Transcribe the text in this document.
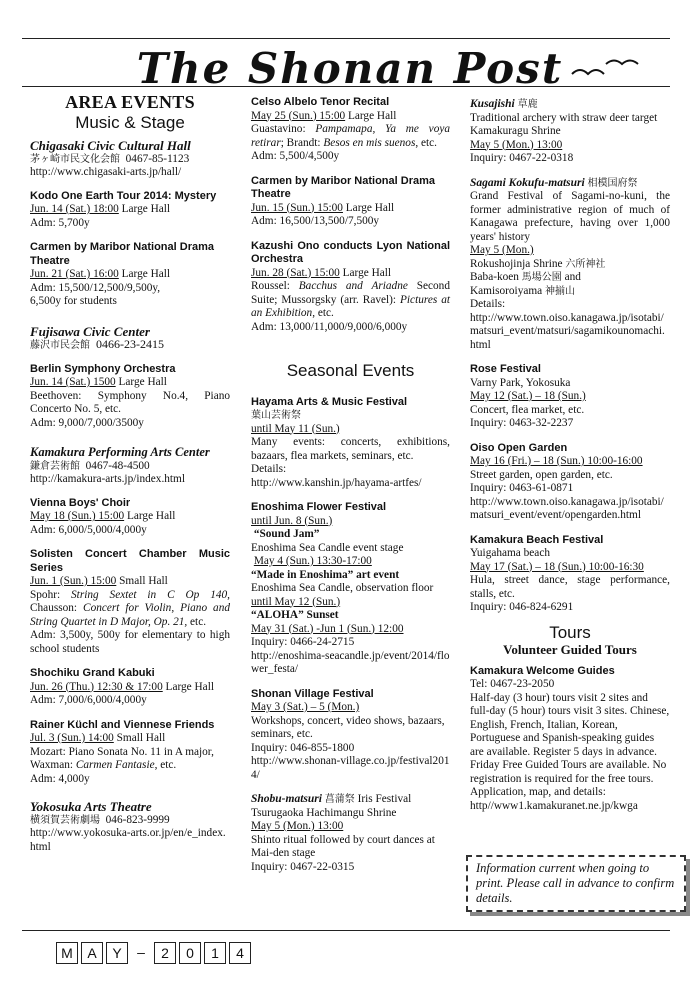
The Shonan Post
AREA EVENTS
Music & Stage
Chigasaki Civic Cultural Hall
茅ヶ崎市民文化会館 0467-85-1123
http://www.chigasaki-arts.jp/hall/
Kodo One Earth Tour 2014: Mystery
Jun. 14 (Sat.) 18:00 Large Hall
Adm: 5,700y
Carmen by Maribor National Drama Theatre
Jun. 21 (Sat.) 16:00 Large Hall
Adm: 15,500/12,500/9,500y,
6,500y for students
Fujisawa Civic Center
藤沢市民会館 0466-23-2415
Berlin Symphony Orchestra
Jun. 14 (Sat.) 1500 Large Hall
Beethoven: Symphony No.4, Piano Concerto No. 5, etc.
Adm: 9,000/7,000/3500y
Kamakura Performing Arts Center
鎌倉芸術館 0467-48-4500
http://kamakura-arts.jp/index.html
Vienna Boys' Choir
May 18 (Sun.) 15:00 Large Hall
Adm: 6,000/5,000/4,000y
Solisten Concert Chamber Music Series
Jun. 1 (Sun.) 15:00 Small Hall
Spohr: String Sextet in C Op 140, Chausson: Concert for Violin, Piano and String Quartet in D Major, Op. 21, etc.
Adm: 3,500y, 500y for elementary to high school students
Shochiku Grand Kabuki
Jun. 26 (Thu.) 12:30 & 17:00 Large Hall
Adm: 7,000/6,000/4,000y
Rainer Küchl and Viennese Friends
Jul. 3 (Sun.) 14:00 Small Hall
Mozart: Piano Sonata No. 11 in A major, Waxman: Carmen Fantasie, etc.
Adm: 4,000y
Yokosuka Arts Theatre
横須賀芸術劇場 046-823-9999
http://www.yokosuka-arts.or.jp/en/e_index.html
Celso Albelo Tenor Recital
May 25 (Sun.) 15:00 Large Hall
Guastavino: Pampamapa, Ya me voya retirar; Brandt: Besos en mis suenos, etc.
Adm: 5,500/4,500y
Carmen by Maribor National Drama Theatre
Jun. 15 (Sun.) 15:00 Large Hall
Adm: 16,500/13,500/7,500y
Kazushi Ono conducts Lyon National Orchestra
Jun. 28 (Sat.) 15:00 Large Hall
Roussel: Bacchus and Ariadne Second Suite; Mussorgsky (arr. Ravel): Pictures at an Exhibition, etc.
Adm: 13,000/11,000/9,000/6,000y
Seasonal Events
Hayama Arts & Music Festival
葉山芸術祭
until May 11 (Sun.)
Many events: concerts, exhibitions, bazaars, flea markets, seminars, etc.
Details:
http://www.kanshin.jp/hayama-artfes/
Enoshima Flower Festival
until Jun. 8 (Sun.)
“Sound Jam”
Enoshima Sea Candle event stage
May 4 (Sun.) 13:30-17:00
“Made in Enoshima” art event
Enoshima Sea Candle, observation floor
until May 12 (Sun.)
“ALOHA” Sunset
May 31 (Sat.) -Jun 1 (Sun.) 12:00
Inquiry: 0466-24-2715
http://enoshima-seacandle.jp/event/2014/flower_festa/
Shonan Village Festival
May 3 (Sat.) – 5 (Mon.)
Workshops, concert, video shows, bazaars, seminars, etc.
Inquiry: 046-855-1800
http://www.shonan-village.co.jp/festival2014/
Shobu-matsuri 菖蒲祭 Iris Festival
Tsurugaoka Hachimangu Shrine
May 5 (Mon.) 13:00
Shinto ritual followed by court dances at Mai-den stage
Inquiry: 0467-22-0315
Kusajishi 草鹿
Traditional archery with straw deer target
Kamakuragu Shrine
May 5 (Mon.) 13:00
Inquiry: 0467-22-0318
Sagami Kokufu-matsuri 相模国府祭
Grand Festival of Sagami-no-kuni, the former administrative region of much of Kanagawa prefecture, having over 1,000 years' history
May 5 (Mon.)
Rokushojinja Shrine 六所神社
Baba-koen 馬場公園 and
Kamisoroiyama 神揃山
Details:
http://www.town.oiso.kanagawa.jp/isotabi/matsuri_event/matsuri/sagamikounomachi.html
Rose Festival
Varny Park, Yokosuka
May 12 (Sat.) – 18 (Sun.)
Concert, flea market, etc.
Inquiry: 0463-32-2237
Oiso Open Garden
May 16 (Fri.) – 18 (Sun.) 10:00-16:00
Street garden, open garden, etc.
Inquiry: 0463-61-0871
http://www.town.oiso.kanagawa.jp/isotabi/matsuri_event/event/opengarden.html
Kamakura Beach Festival
Yuigahama beach
May 17 (Sat.) – 18 (Sun.) 10:00-16:30
Hula, street dance, stage performance, stalls, etc.
Inquiry: 046-824-6291
Tours
Volunteer Guided Tours
Kamakura Welcome Guides
Tel: 0467-23-2050
Half-day (3 hour) tours visit 2 sites and full-day (5 hour) tours visit 3 sites. Chinese, English, French, Italian, Korean, Portuguese and Spanish-speaking guides are available. Register 5 days in advance. Friday Free Guided Tours are available. No registration is required for the free tours. Application, map, and details:
http//www1.kamakuranet.ne.jp/kwga
Information current when going to print. Please call in advance to confirm details.
M	A	Y	–	2	0	1	4
